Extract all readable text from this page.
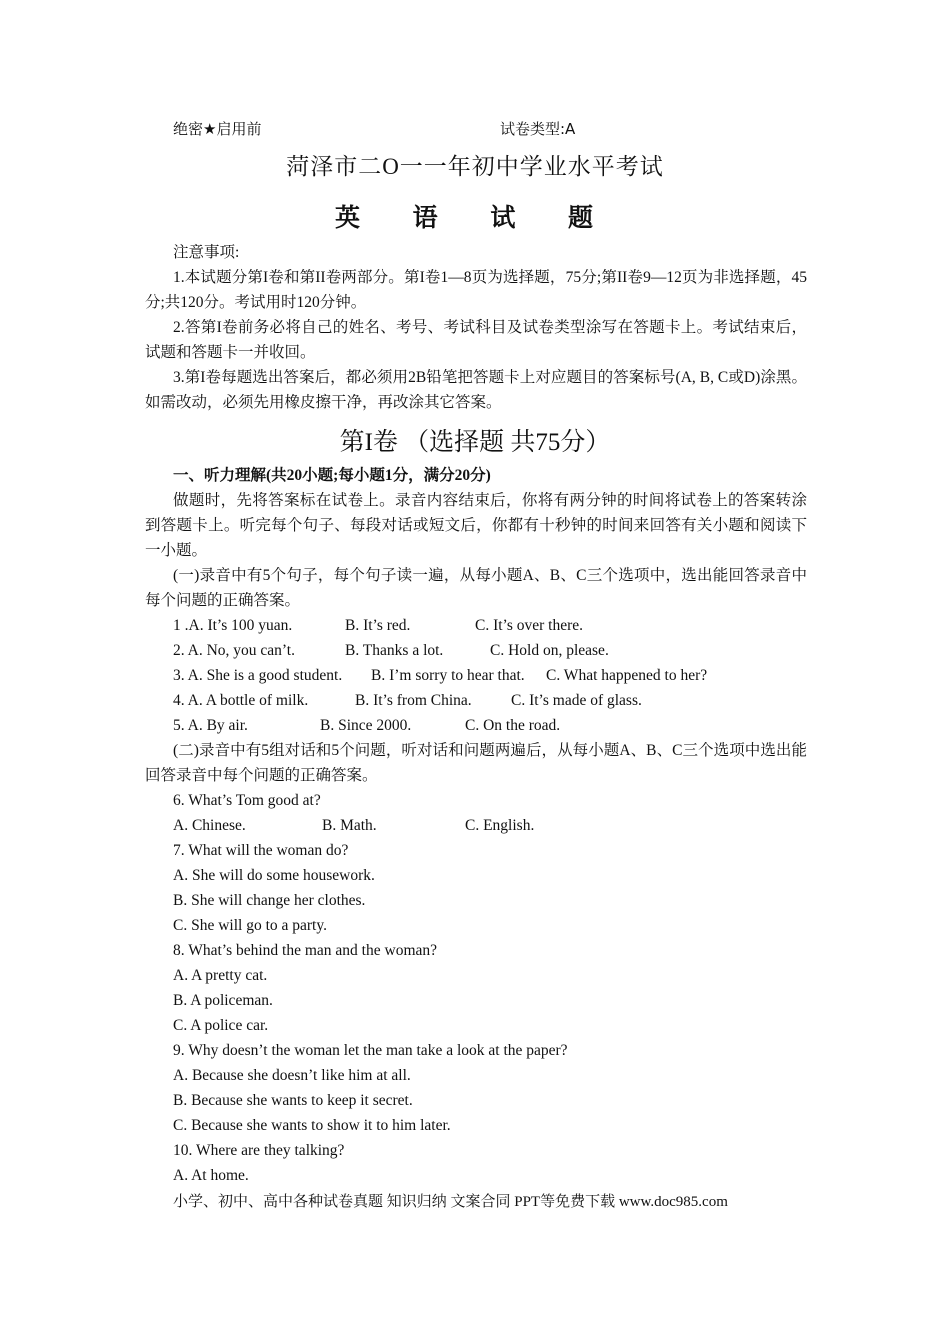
绝密★启用前	试卷类型:A
菏泽市二O一一年初中学业水平考试
英 语 试 题
注意事项:
1.本试题分第I卷和第II卷两部分。第I卷1—8页为选择题，75分;第II卷9—12页为非选择题，45分;共120分。考试用时120分钟。
2.答第I卷前务必将自己的姓名、考号、考试科目及试卷类型涂写在答题卡上。考试结束后，试题和答题卡一并收回。
3.第I卷每题选出答案后，都必须用2B铅笔把答题卡上对应题目的答案标号(A, B, C或D)涂黑。如需改动，必须先用橡皮擦干净，再改涂其它答案。
第I卷 （选择题 共75分）
一、听力理解(共20小题;每小题1分，满分20分)
做题时，先将答案标在试卷上。录音内容结束后，你将有两分钟的时间将试卷上的答案转涂到答题卡上。听完每个句子、每段对话或短文后，你都有十秒钟的时间来回答有关小题和阅读下一小题。
(一)录音中有5个句子，每个句子读一遍，从每小题A、B、C三个选项中，选出能回答录音中每个问题的正确答案。
1 .A. It’s 100 yuan.	B. It’s red.	C. It’s over there.
2. A. No, you can’t.	B. Thanks a lot.	C. Hold on, please.
3. A. She is a good student. B. I’m sorry to hear that. C. What happened to her?
4. A. A bottle of milk.	B. It’s from China.	C. It’s made of glass.
5. A. By air.	B. Since 2000.	C. On the road.
(二)录音中有5组对话和5个问题，听对话和问题两遍后，从每小题A、B、C三个选项中选出能回答录音中每个问题的正确答案。
6. What’s Tom good at?
A. Chinese.	B. Math.	C. English.
7. What will the woman do?
A. She will do some housework.
B. She will change her clothes.
C. She will go to a party.
8. What’s behind the man and the woman?
A. A pretty cat.
B. A policeman.
C. A police car.
9. Why doesn’t the woman let the man take a look at the paper?
A. Because she doesn’t like him at all.
B. Because she wants to keep it secret.
C. Because she wants to show it to him later.
10. Where are they talking?
A. At home.
小学、初中、高中各种试卷真题 知识归纳 文案合同 PPT等免费下载 www.doc985.com
